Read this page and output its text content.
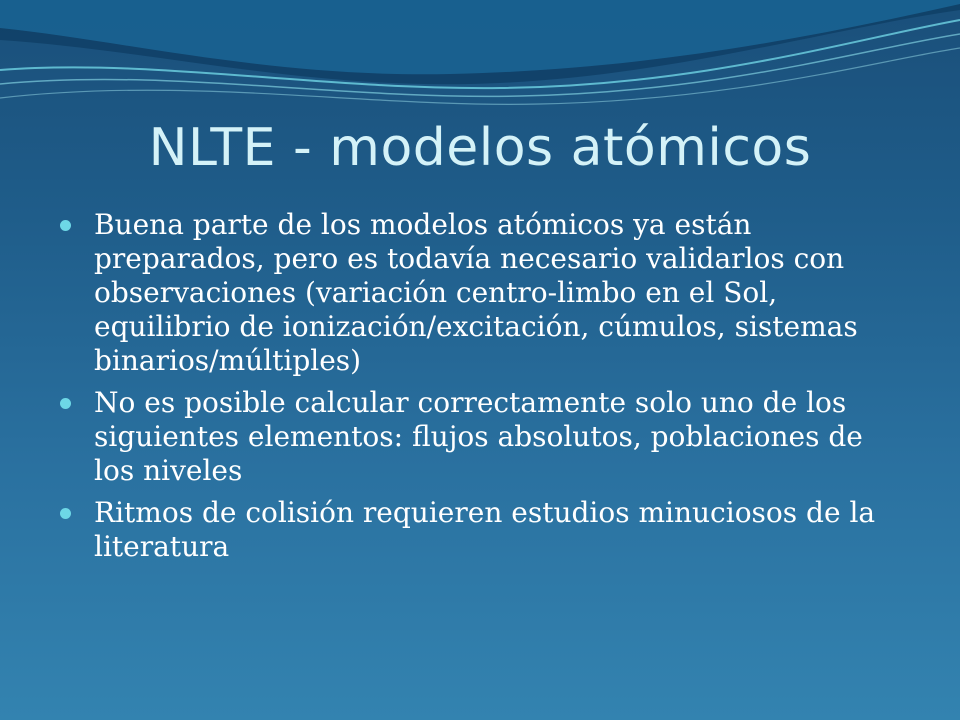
NLTE - modelos atómicos
Buena parte de los modelos atómicos ya están preparados, pero es todavía necesario validarlos con observaciones (variación centro-limbo en el Sol, equilibrio de ionización/excitación, cúmulos, sistemas binarios/múltiples)
No es posible calcular correctamente solo uno de los siguientes elementos: flujos absolutos, poblaciones de los niveles
Ritmos de colisión requieren estudios minuciosos de la literatura
